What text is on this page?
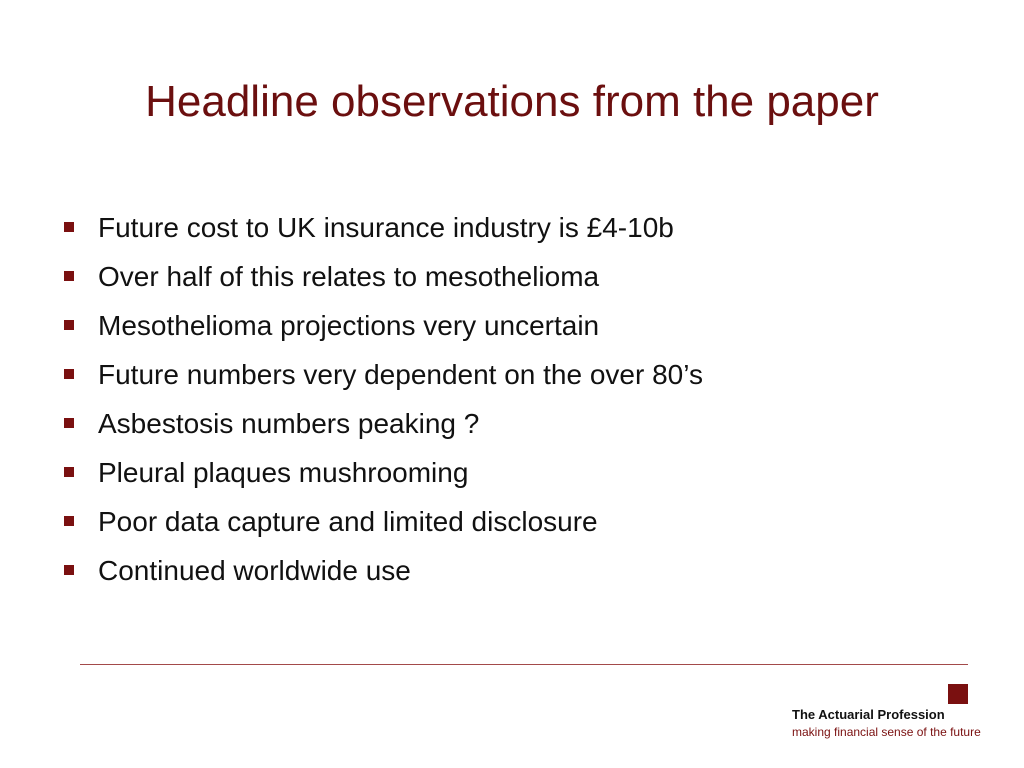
Headline observations from the paper
Future cost to UK insurance industry is £4-10b
Over half of this relates to mesothelioma
Mesothelioma projections very uncertain
Future numbers very dependent on the over 80’s
Asbestosis numbers peaking ?
Pleural plaques mushrooming
Poor data capture and limited disclosure
Continued worldwide use
The Actuarial Profession
making financial sense of the future
